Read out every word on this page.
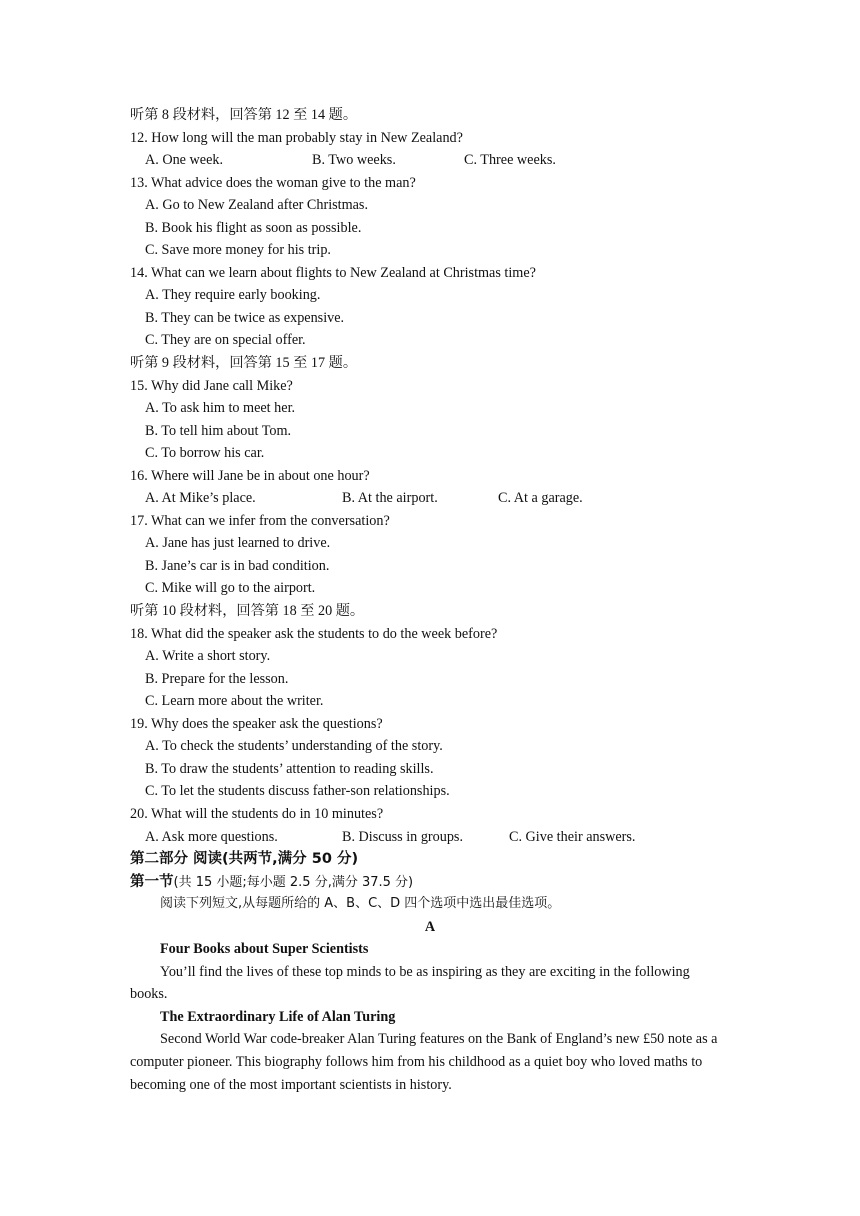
听第 8 段材料，回答第 12 至 14 题。
12. How long will the man probably stay in New Zealand?
A. One week.	B. Two weeks.	C. Three weeks.
13. What advice does the woman give to the man?
A. Go to New Zealand after Christmas.
B. Book his flight as soon as possible.
C. Save more money for his trip.
14. What can we learn about flights to New Zealand at Christmas time?
A. They require early booking.
B. They can be twice as expensive.
C. They are on special offer.
听第 9 段材料，回答第 15 至 17 题。
15. Why did Jane call Mike?
A. To ask him to meet her.
B. To tell him about Tom.
C. To borrow his car.
16. Where will Jane be in about one hour?
A. At Mike’s place.	B. At the airport.	C. At a garage.
17. What can we infer from the conversation?
A. Jane has just learned to drive.
B. Jane’s car is in bad condition.
C. Mike will go to the airport.
听第 10 段材料，回答第 18 至 20 题。
18. What did the speaker ask the students to do the week before?
A. Write a short story.
B. Prepare for the lesson.
C. Learn more about the writer.
19. Why does the speaker ask the questions?
A. To check the students’ understanding of the story.
B. To draw the students’ attention to reading skills.
C. To let the students discuss father-son relationships.
20. What will the students do in 10 minutes?
A. Ask more questions.	B. Discuss in groups.	C. Give their answers.
第二部分 阅读(共两节,满分 50 分)
第一节(共 15 小题;每小题 2.5 分,满分 37.5 分)
阅读下列短文,从每题所给的 A、B、C、D 四个选项中选出最佳选项。
A
Four Books about Super Scientists
You’ll find the lives of these top minds to be as inspiring as they are exciting in the following books.
The Extraordinary Life of Alan Turing
Second World War code-breaker Alan Turing features on the Bank of England’s new £50 note as a computer pioneer. This biography follows him from his childhood as a quiet boy who loved maths to becoming one of the most important scientists in history.
